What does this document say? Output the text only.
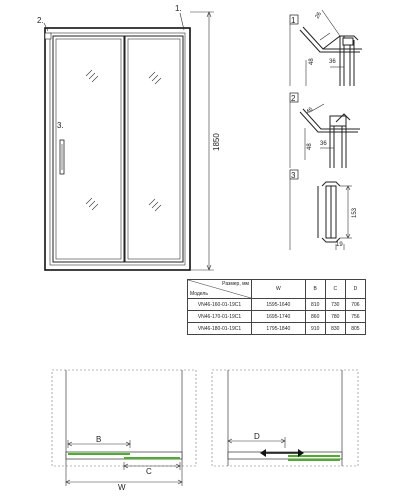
1.
2.
3.
1850
1
26
48 36
2
46
48 36
3
153
19
B
C
W
D
Размер, мм
Модель	W	B	C	D
VN46-160-01-19C1	1595-1640	810	730	706
VN46-170-01-19C1	1695-1740	860	780	756
VN46-180-01-19C1	1795-1840	910	830	805
